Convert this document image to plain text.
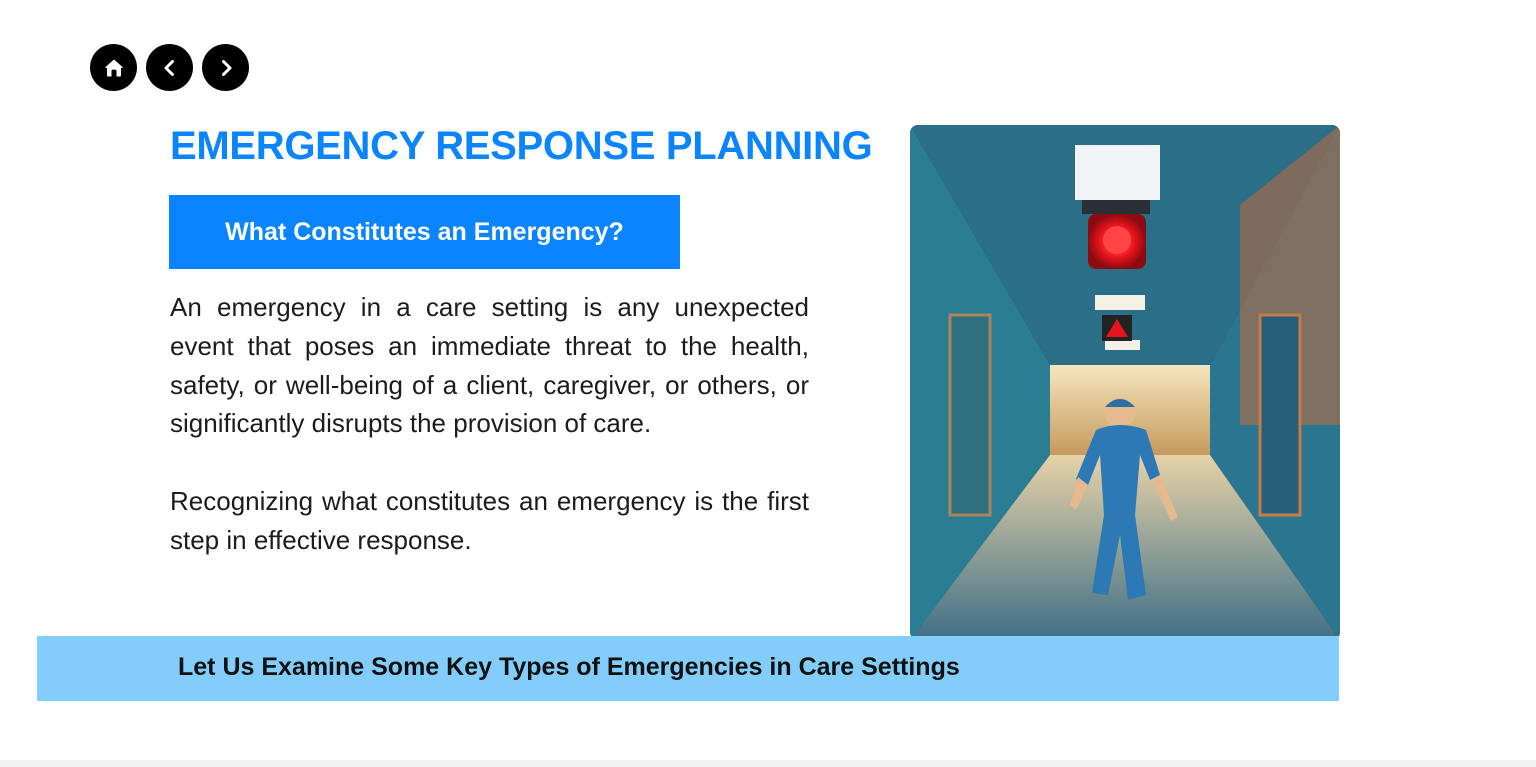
EMERGENCY RESPONSE PLANNING
What Constitutes an Emergency?

An emergency in a care setting is any unexpected event that poses an immediate threat to the health, safety, or well-being of a client, caregiver, or others, or significantly disrupts the provision of care.

Recognizing what constitutes an emergency is the first step in effective response.

Let Us Examine Some Key Types of Emergencies in Care Settings
